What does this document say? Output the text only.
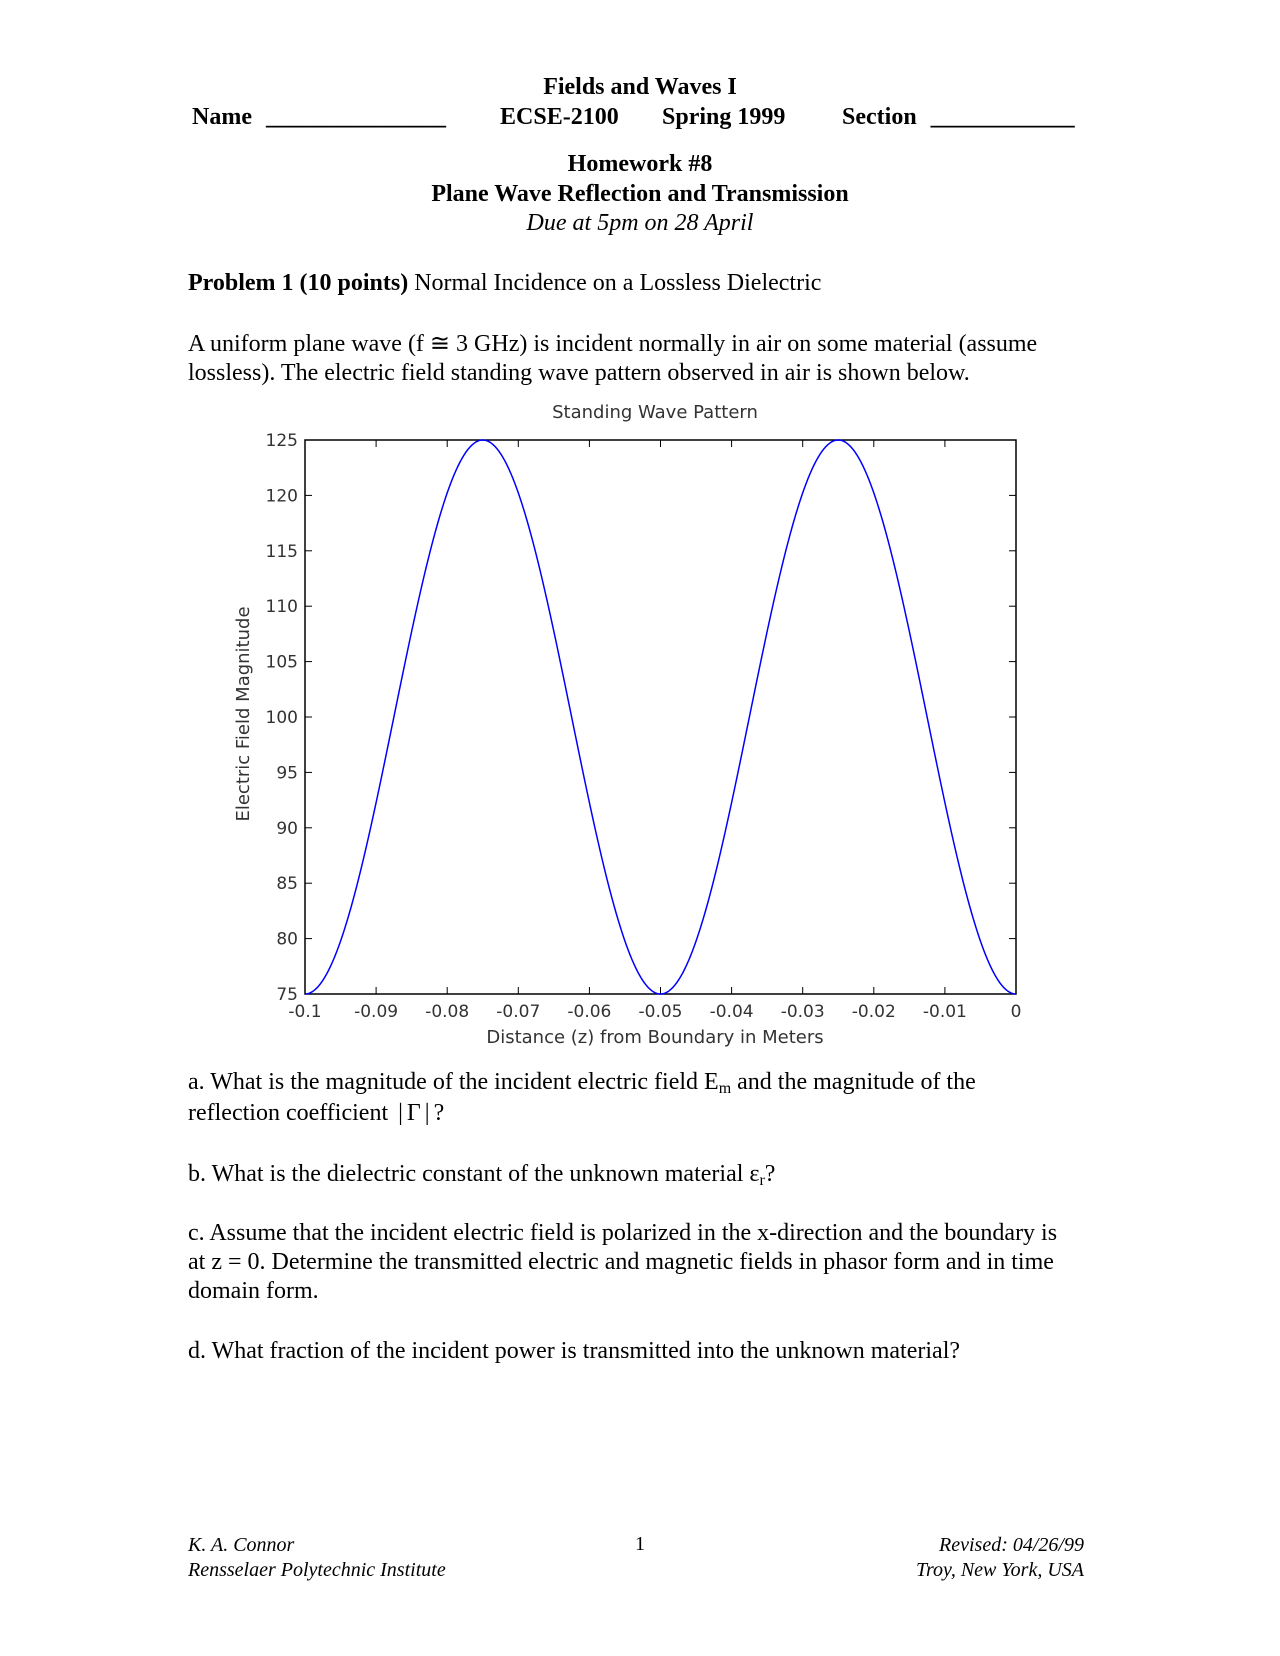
Fields and Waves I
Name _______________ ECSE-2100 Spring 1999 Section ____________
Homework #8
Plane Wave Reflection and Transmission
Due at 5pm on 28 April
Problem 1 (10 points) Normal Incidence on a Lossless Dielectric
A uniform plane wave (f ≅ 3 GHz) is incident normally in air on some material (assume
lossless). The electric field standing wave pattern observed in air is shown below.
Standing Wave Pattern
Electric Field Magnitude
Distance (z) from Boundary in Meters
-0.1 -0.09 -0.08 -0.07 -0.06 -0.05 -0.04 -0.03 -0.02 -0.01	0
75
80
85
90
95
100
105
110
115
120
125
a. What is the magnitude of the incident electric field $E_m$ and the magnitude of the
reflection coefficient |Γ|?
b. What is the dielectric constant of the unknown material $\varepsilon_r$?
c. Assume that the incident electric field is polarized in the x-direction and the boundary is
at z = 0. Determine the transmitted electric and magnetic fields in phasor form and in time
domain form.
d. What fraction of the incident power is transmitted into the unknown material?
K. A. Connor
Rensselaer Polytechnic Institute
1	Revised: 04/26/99
Troy, New York, USA
